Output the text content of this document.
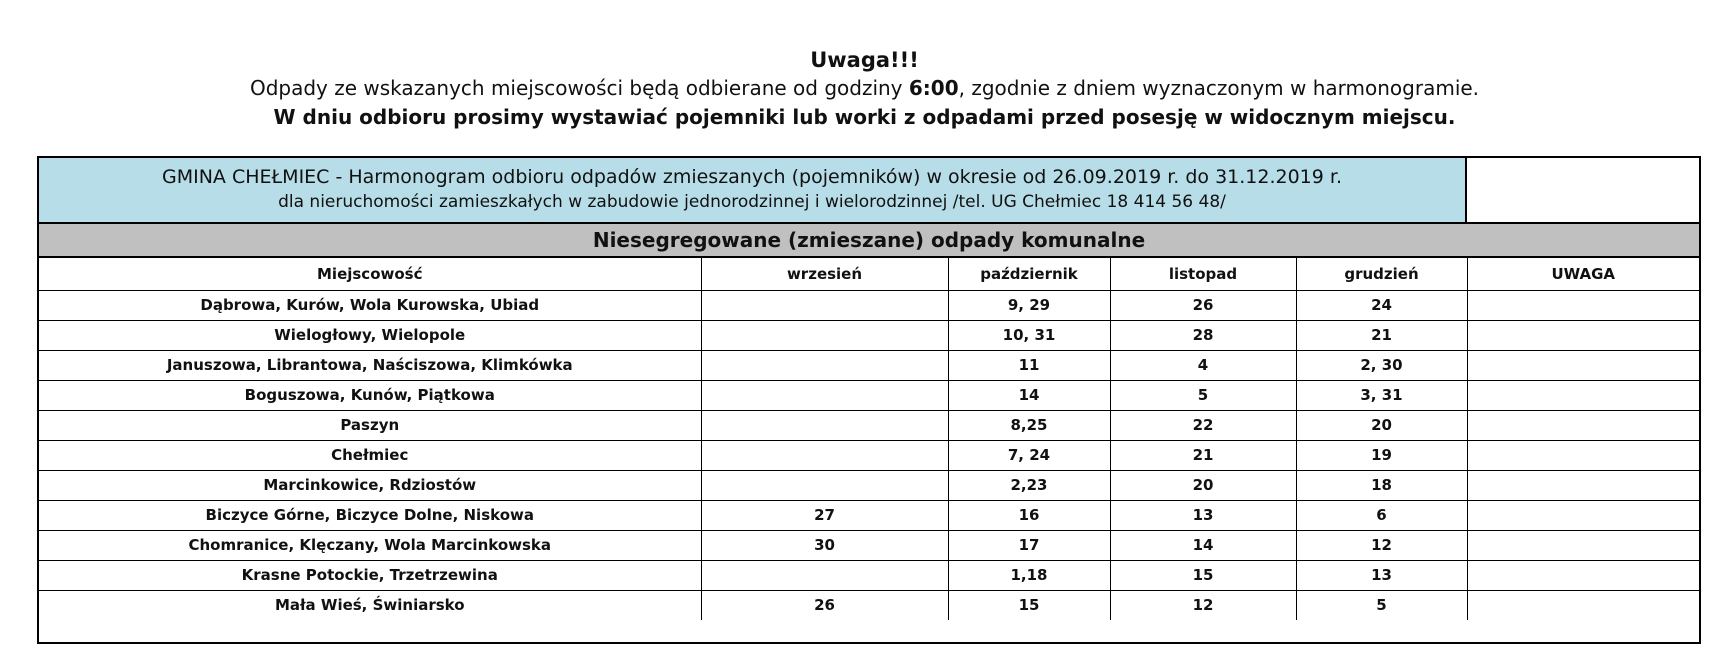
Uwaga!!!
Odpady ze wskazanych miejscowości będą odbierane od godziny 6:00, zgodnie z dniem wyznaczonym w harmonogramie.
W dniu odbioru prosimy wystawiać pojemniki lub worki z odpadami przed posesję w widocznym miejscu.
GMINA CHEŁMIEC - Harmonogram odbioru odpadów zmieszanych (pojemników) w okresie od 26.09.2019 r. do 31.12.2019 r.
dla nieruchomości zamieszkałych w zabudowie jednorodzinnej i wielorodzinnej /tel. UG Chełmiec 18 414 56 48/
Niesegregowane (zmieszane) odpady komunalne
Miejscowość	wrzesień	październik	listopad	grudzień	UWAGA
Dąbrowa, Kurów, Wola Kurowska, Ubiad		9, 29	26	24	
Wielogłowy, Wielopole		10, 31	28	21	
Januszowa, Librantowa, Naściszowa, Klimkówka		11	4	2, 30	
Boguszowa, Kunów, Piątkowa		14	5	3, 31	
Paszyn		8,25	22	20	
Chełmiec		7, 24	21	19	
Marcinkowice, Rdziostów		2,23	20	18	
Biczyce Górne, Biczyce Dolne, Niskowa	27	16	13	6	
Chomranice, Klęczany, Wola Marcinkowska	30	17	14	12	
Krasne Potockie, Trzetrzewina		1,18	15	13	
Mała Wieś, Świniarsko	26	15	12	5	
